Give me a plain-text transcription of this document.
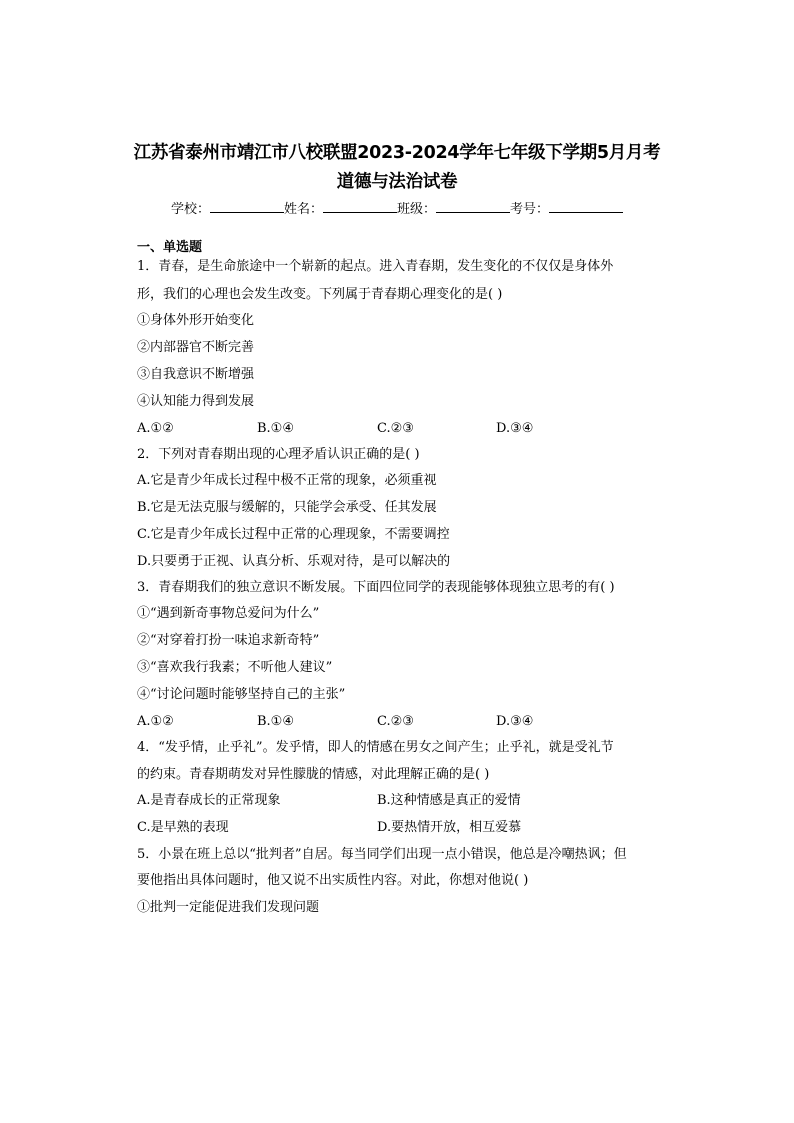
江苏省泰州市靖江市八校联盟2023-2024学年七年级下学期5月月考
道德与法治试卷
学校：	姓名：	班级：	考号：
一、单选题
1．青春，是生命旅途中一个崭新的起点。进入青春期，发生变化的不仅仅是身体外
形，我们的心理也会发生改变。下列属于青春期心理变化的是( )
①身体外形开始变化
②内部器官不断完善
③自我意识不断增强
④认知能力得到发展
A.①②	B.①④	C.②③	D.③④
2．下列对青春期出现的心理矛盾认识正确的是( )
A.它是青少年成长过程中极不正常的现象，必须重视
B.它是无法克服与缓解的，只能学会承受、任其发展
C.它是青少年成长过程中正常的心理现象，不需要调控
D.只要勇于正视、认真分析、乐观对待，是可以解决的
3．青春期我们的独立意识不断发展。下面四位同学的表现能够体现独立思考的有( )
①“遇到新奇事物总爱问为什么”
②“对穿着打扮一味追求新奇特”
③“喜欢我行我素；不听他人建议”
④“讨论问题时能够坚持自己的主张”
A.①②	B.①④	C.②③	D.③④
4．“发乎情，止乎礼”。发乎情，即人的情感在男女之间产生；止乎礼，就是受礼节
的约束。青春期萌发对异性朦胧的情感，对此理解正确的是( )
A.是青春成长的正常现象	B.这种情感是真正的爱情
C.是早熟的表现	D.要热情开放，相互爱慕
5．小景在班上总以“批判者”自居。每当同学们出现一点小错误，他总是冷嘲热讽；但
要他指出具体问题时，他又说不出实质性内容。对此，你想对他说( )
①批判一定能促进我们发现问题
